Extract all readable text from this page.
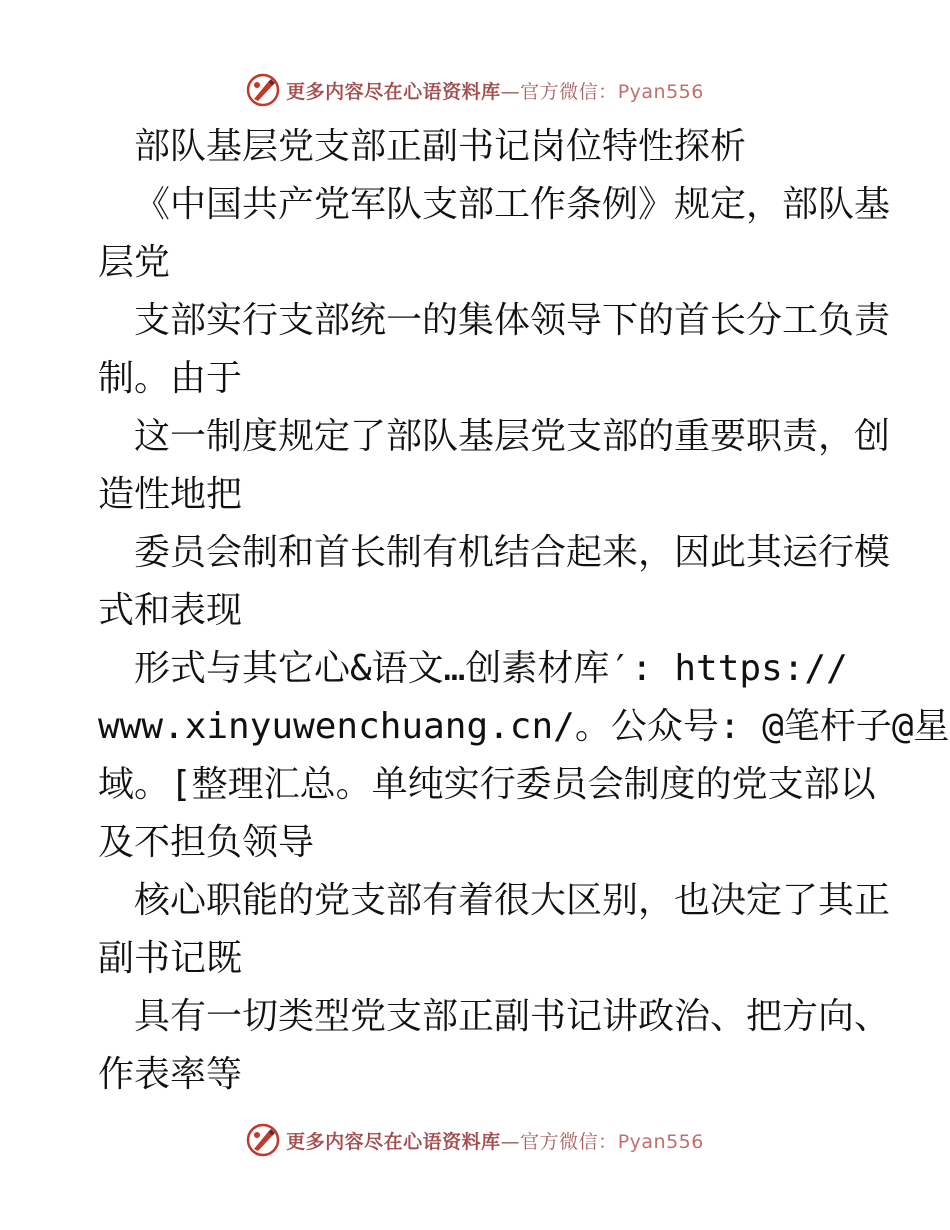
更多内容尽在心语资料库—官方微信：Pyan556
部队基层党支部正副书记岗位特性探析
《中国共产党军队支部工作条例》规定，部队基
层党
支部实行支部统一的集体领导下的首长分工负责
制。由于
这一制度规定了部队基层党支部的重要职责，创
造性地把
委员会制和首长制有机结合起来，因此其运行模
式和表现
形式与其它心&语文…创素材库′: https://
www.xinyuwenchuang.cn/。公众号: @笔杆子@星
域。[整理汇总。单纯实行委员会制度的党支部以
及不担负领导
核心职能的党支部有着很大区别，也决定了其正
副书记既
具有一切类型党支部正副书记讲政治、把方向、
作表率等
更多内容尽在心语资料库—官方微信：Pyan556
